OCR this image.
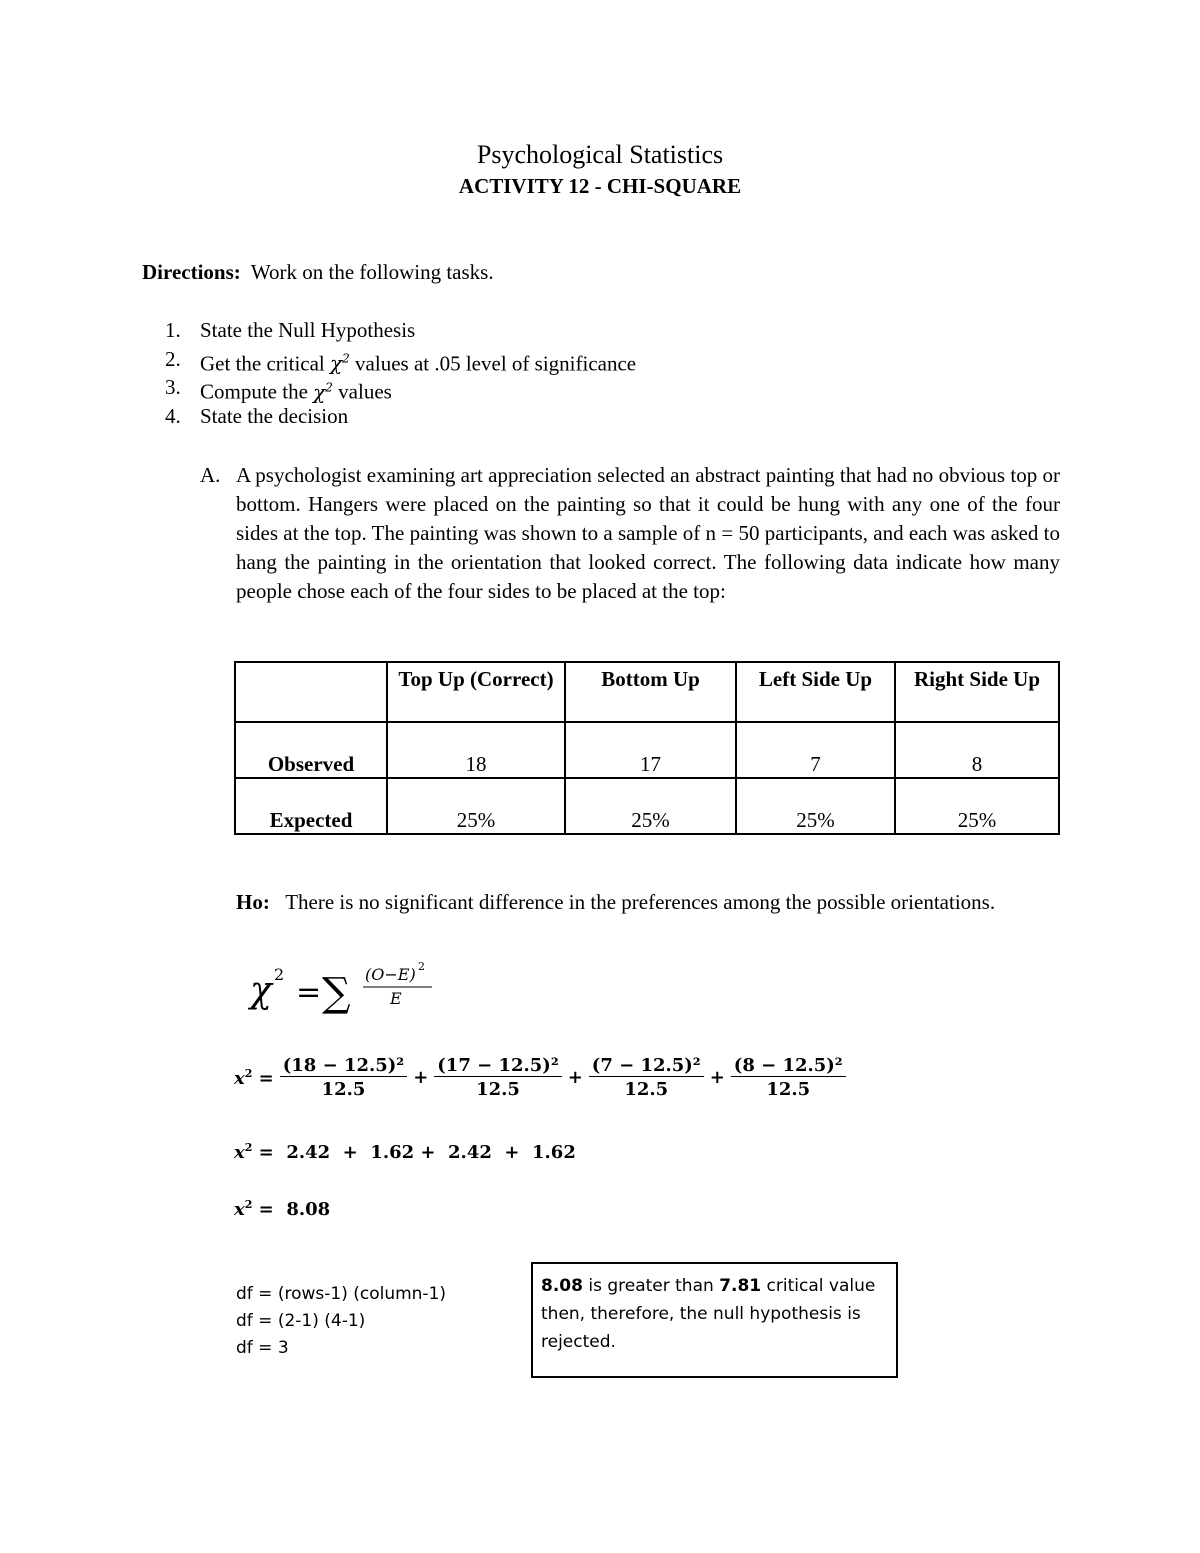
Psychological Statistics
ACTIVITY 12 - CHI-SQUARE
Directions: Work on the following tasks.
1. State the Null Hypothesis
2. Get the critical $\chi^2$ values at .05 level of significance
3. Compute the $\chi^2$ values
4. State the decision
A. A psychologist examining art appreciation selected an abstract painting that had no obvious top or bottom. Hangers were placed on the painting so that it could be hung with any one of the four sides at the top. The painting was shown to a sample of n = 50 participants, and each was asked to hang the painting in the orientation that looked correct. The following data indicate how many people chose each of the four sides to be placed at the top:
	Top Up (Correct)	Bottom Up	Left Side Up	Right Side Up
Observed	18	17	7	8
Expected	25%	25%	25%	25%
Ho: There is no significant difference in the preferences among the possible orientations.
χ 2
= ∑ (O−E) 2
E
$x^2 = \frac{\text{(18 − 12.5)²}}{12.5} + \frac{\text{(17 − 12.5)²}}{12.5} + \frac{\text{(7 − 12.5)²}}{12.5} + \frac{\text{(8 − 12.5)²}}{12.5}$
$x^2 = 2.42 + 1.62 + 2.42 + 1.62$
$x^2 = 8.08$
df = (rows-1) (column-1)
df = (2-1) (4-1)
df = 3
8.08 is greater than 7.81 critical value then, therefore, the null hypothesis is rejected.
